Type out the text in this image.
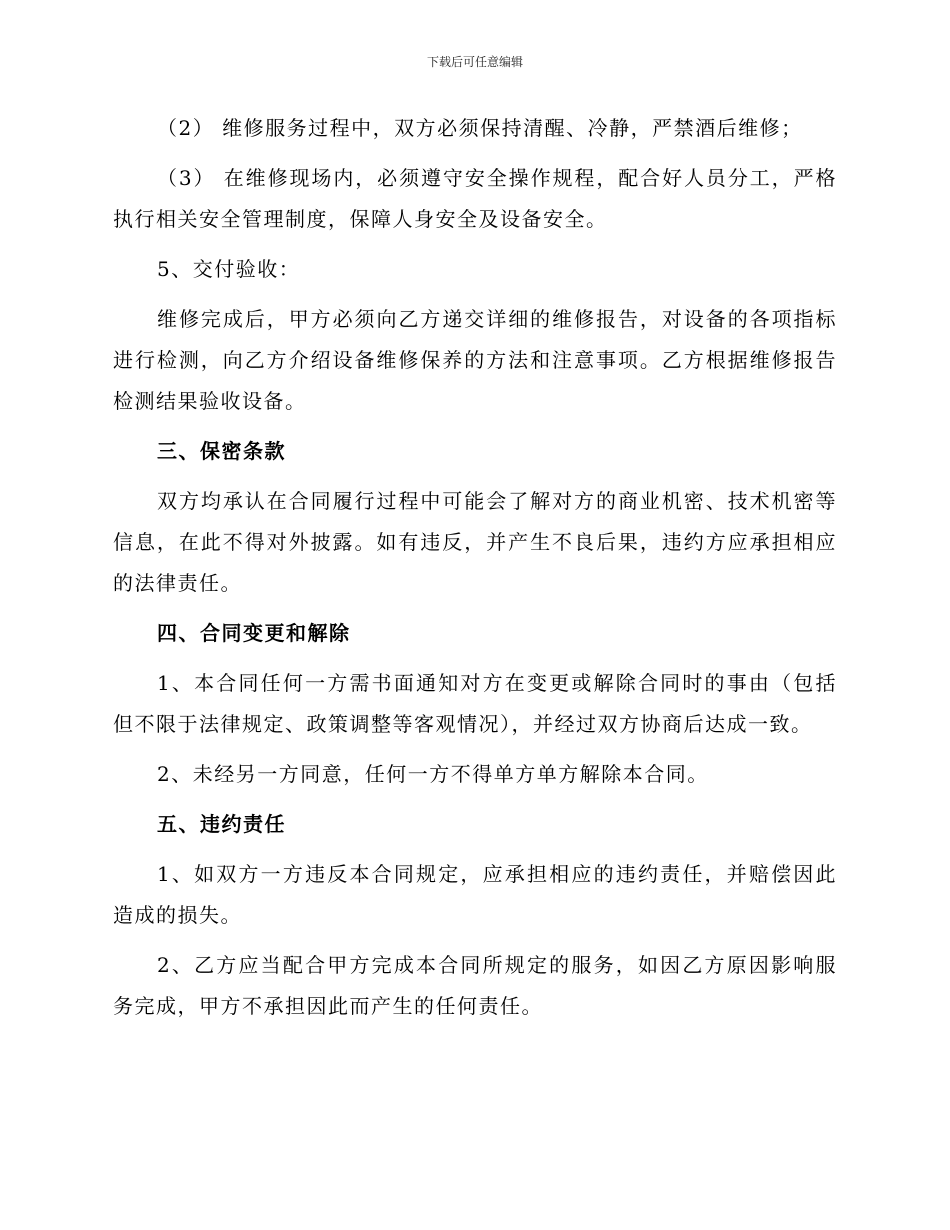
下载后可任意编辑

（2） 维修服务过程中，双方必须保持清醒、冷静，严禁酒后维修；

（3） 在维修现场内，必须遵守安全操作规程，配合好人员分工，严格执行相关安全管理制度，保障人身安全及设备安全。

5、交付验收：

维修完成后，甲方必须向乙方递交详细的维修报告，对设备的各项指标进行检测，向乙方介绍设备维修保养的方法和注意事项。乙方根据维修报告检测结果验收设备。

三、保密条款

双方均承认在合同履行过程中可能会了解对方的商业机密、技术机密等信息，在此不得对外披露。如有违反，并产生不良后果，违约方应承担相应的法律责任。

四、合同变更和解除

1、本合同任何一方需书面通知对方在变更或解除合同时的事由（包括但不限于法律规定、政策调整等客观情况），并经过双方协商后达成一致。

2、未经另一方同意，任何一方不得单方单方解除本合同。

五、违约责任

1、如双方一方违反本合同规定，应承担相应的违约责任，并赔偿因此造成的损失。

2、乙方应当配合甲方完成本合同所规定的服务，如因乙方原因影响服务完成，甲方不承担因此而产生的任何责任。
